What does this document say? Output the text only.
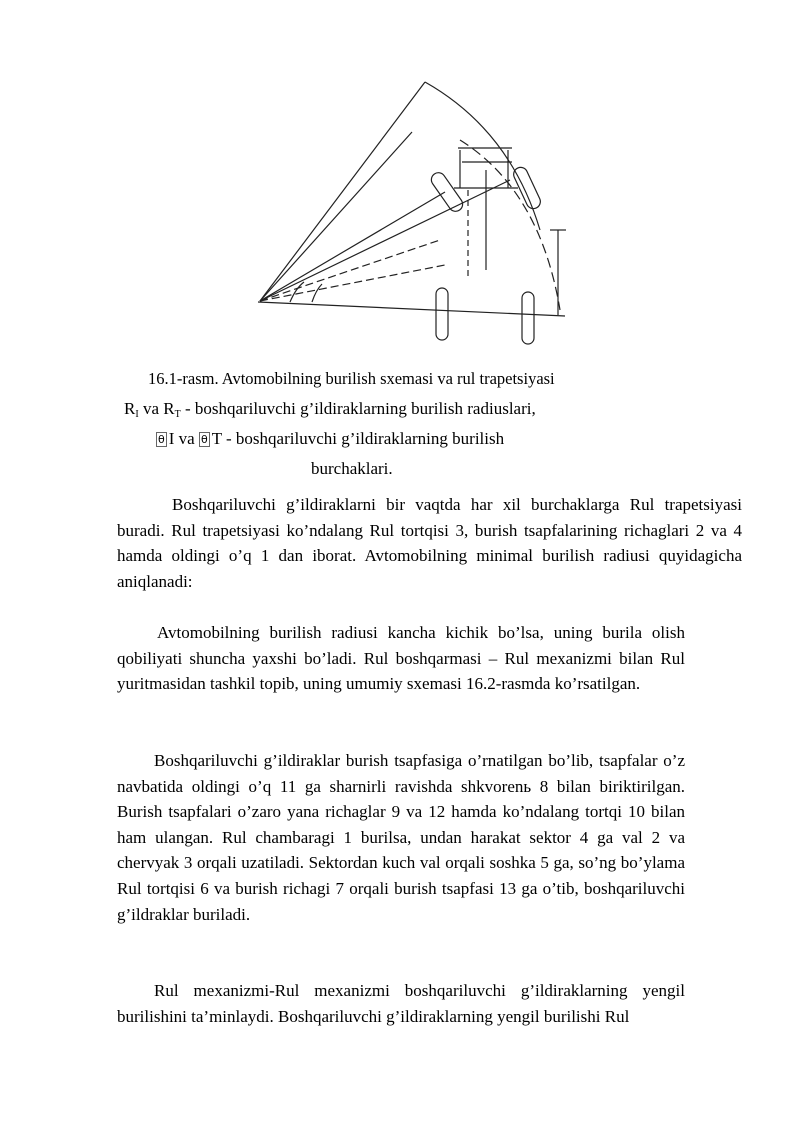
16.1-rasm. Avtomobilning burilish sxemasi va rul trapetsiyasi
$R_I$ va $R_T$ - boshqariluvchi g’ildiraklarning burilish radiuslari,
θ I va θ T - boshqariluvchi g’ildiraklarning burilish
burchaklari.
Boshqariluvchi g’ildiraklarni bir vaqtda har xil burchaklarga Rul trapetsiyasi buradi. Rul trapetsiyasi ko’ndalang Rul tortqisi 3, burish tsapfalarining richaglari 2 va 4 hamda oldingi o’q 1 dan iborat. Avtomobilning minimal burilish radiusi quyidagicha aniqlanadi:
Avtomobilning burilish radiusi kancha kichik bo’lsa, uning burila olish qobiliyati shuncha yaxshi bo’ladi. Rul boshqarmasi – Rul mexanizmi bilan Rul yuritmasidan tashkil topib, uning umumiy sxemasi 16.2-rasmda ko’rsatilgan.
Boshqariluvchi g’ildiraklar burish tsapfasiga o’rnatilgan bo’lib, tsapfalar o’z navbatida oldingi o’q 11 ga sharnirli ravishda shkvorenь 8 bilan biriktirilgan. Burish tsapfalari o’zaro yana richaglar 9 va 12 hamda ko’ndalang tortqi 10 bilan ham ulangan. Rul chambaragi 1 burilsa, undan harakat sektor 4 ga val 2 va chervyak 3 orqali uzatiladi. Sektordan kuch val orqali soshka 5 ga, so’ng bo’ylama Rul tortqisi 6 va burish richagi 7 orqali burish tsapfasi 13 ga o’tib, boshqariluvchi g’ildraklar buriladi.
Rul mexanizmi-Rul mexanizmi boshqariluvchi g’ildiraklarning yengil burilishini ta’minlaydi. Boshqariluvchi g’ildiraklarning yengil burilishi Rul
